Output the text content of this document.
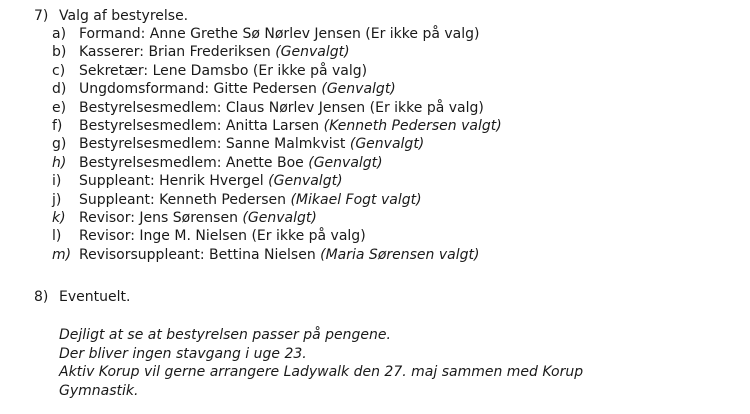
7) Valg af bestyrelse.
a) Formand: Anne Grethe Sø Nørlev Jensen (Er ikke på valg)
b) Kasserer: Brian Frederiksen (Genvalgt)
c) Sekretær: Lene Damsbo (Er ikke på valg)
d) Ungdomsformand: Gitte Pedersen (Genvalgt)
e) Bestyrelsesmedlem: Claus Nørlev Jensen (Er ikke på valg)
f) Bestyrelsesmedlem: Anitta Larsen (Kenneth Pedersen valgt)
g) Bestyrelsesmedlem: Sanne Malmkvist (Genvalgt)
h) Bestyrelsesmedlem: Anette Boe (Genvalgt)
i) Suppleant: Henrik Hvergel (Genvalgt)
j) Suppleant: Kenneth Pedersen (Mikael Fogt valgt)
k) Revisor: Jens Sørensen (Genvalgt)
l) Revisor: Inge M. Nielsen (Er ikke på valg)
m) Revisorsuppleant: Bettina Nielsen (Maria Sørensen valgt)
8) Eventuelt.
Dejligt at se at bestyrelsen passer på pengene.
Der bliver ingen stavgang i uge 23.
Aktiv Korup vil gerne arrangere Ladywalk den 27. maj sammen med Korup
Gymnastik.
